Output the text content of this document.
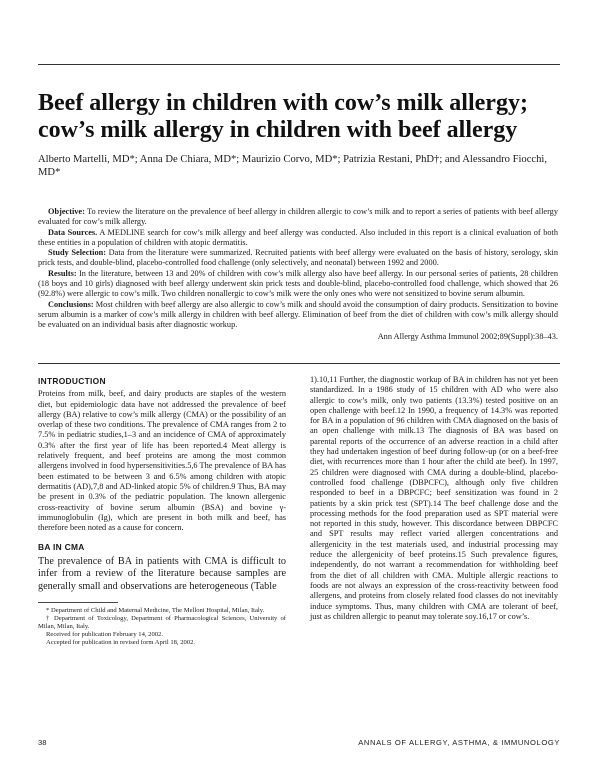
Beef allergy in children with cow’s milk allergy; cow’s milk allergy in children with beef allergy

Alberto Martelli, MD*; Anna De Chiara, MD*; Maurizio Corvo, MD*; Patrizia Restani, PhD†; and Alessandro Fiocchi, MD*

Objective: To review the literature on the prevalence of beef allergy in children allergic to cow’s milk and to report a series of patients with beef allergy evaluated for cow’s milk allergy.

Data Sources. A MEDLINE search for cow’s milk allergy and beef allergy was conducted. Also included in this report is a clinical evaluation of both these entities in a population of children with atopic dermatitis.

Study Selection: Data from the literature were summarized. Recruited patients with beef allergy were evaluated on the basis of history, serology, skin prick tests, and double-blind, placebo-controlled food challenge (only selectively, and neonatal) between 1992 and 2000.

Results: In the literature, between 13 and 20% of children with cow’s milk allergy also have beef allergy. In our personal series of patients, 28 children (18 boys and 10 girls) diagnosed with beef allergy underwent skin prick tests and double-blind, placebo-controlled food challenge, which showed that 26 (92.8%) were allergic to cow’s milk. Two children nonallergic to cow’s milk were the only ones who were not sensitized to bovine serum albumin.

Conclusions: Most children with beef allergy are also allergic to cow’s milk and should avoid the consumption of dairy products. Sensitization to bovine serum albumin is a marker of cow’s milk allergy in children with beef allergy. Elimination of beef from the diet of children with cow’s milk allergy should be evaluated on an individual basis after diagnostic workup.

Ann Allergy Asthma Immunol 2002;89(Suppl):38–43.

INTRODUCTION

Proteins from milk, beef, and dairy products are staples of the western diet, but epidemiologic data have not addressed the prevalence of beef allergy (BA) relative to cow’s milk allergy (CMA) or the possibility of an overlap of these two conditions. The prevalence of CMA ranges from 2 to 7.5% in pediatric studies,1–3 and an incidence of CMA of approximately 0.3% after the first year of life has been reported.4 Meat allergy is relatively frequent, and beef proteins are among the most common allergens involved in food hypersensitivities.5,6 The prevalence of BA has been estimated to be between 3 and 6.5% among children with atopic dermatitis (AD),7,8 and AD-linked atopic 5% of children.9 Thus, BA may be present in 0.3% of the pediatric population. The known allergenic cross-reactivity of bovine serum albumin (BSA) and bovine γ-immunoglobulin (Ig), which are present in both milk and beef, has therefore been noted as a cause for concern.

BA IN CMA

The prevalence of BA in patients with CMA is difficult to infer from a review of the literature because samples are generally small and observations are heterogeneous (Table

* Department of Child and Maternal Medicine, The Melloni Hospital, Milan, Italy.

† Department of Toxicology, Department of Pharmacological Sciences, University of Milan, Milan, Italy.

Received for publication February 14, 2002.

Accepted for publication in revised form April 18, 2002.

1).10,11 Further, the diagnostic workup of BA in children has not yet been standardized. In a 1986 study of 15 children with AD who were also allergic to cow’s milk, only two patients (13.3%) tested positive on an open challenge with beef.12 In 1990, a frequency of 14.3% was reported for BA in a population of 96 children with CMA diagnosed on the basis of an open challenge with milk.13 The diagnosis of BA was based on parental reports of the occurrence of an adverse reaction in a child after they had undertaken ingestion of beef during follow-up (or on a beef-free diet, with recurrences more than 1 hour after the child ate beef). In 1997, 25 children were diagnosed with CMA during a double-blind, placebo-controlled food challenge (DBPCFC), although only five children responded to beef in a DBPCFC; beef sensitization was found in 2 patients by a skin prick test (SPT).14 The beef challenge dose and the processing methods for the food preparation used as SPT material were not reported in this study, however. This discordance between DBPCFC and SPT results may reflect varied allergen concentrations and allergenicity in the test materials used, and industrial processing may reduce the allergenicity of beef proteins.15 Such prevalence figures, independently, do not warrant a recommendation for withholding beef from the diet of all children with CMA. Multiple allergic reactions to foods are not always an expression of the cross-reactivity between food allergens, and proteins from closely related food classes do not inevitably induce symptoms. Thus, many children with CMA are tolerant of beef, just as children allergic to peanut may tolerate soy.16,17 or cow’s.

38	ANNALS OF ALLERGY, ASTHMA, & IMMUNOLOGY
